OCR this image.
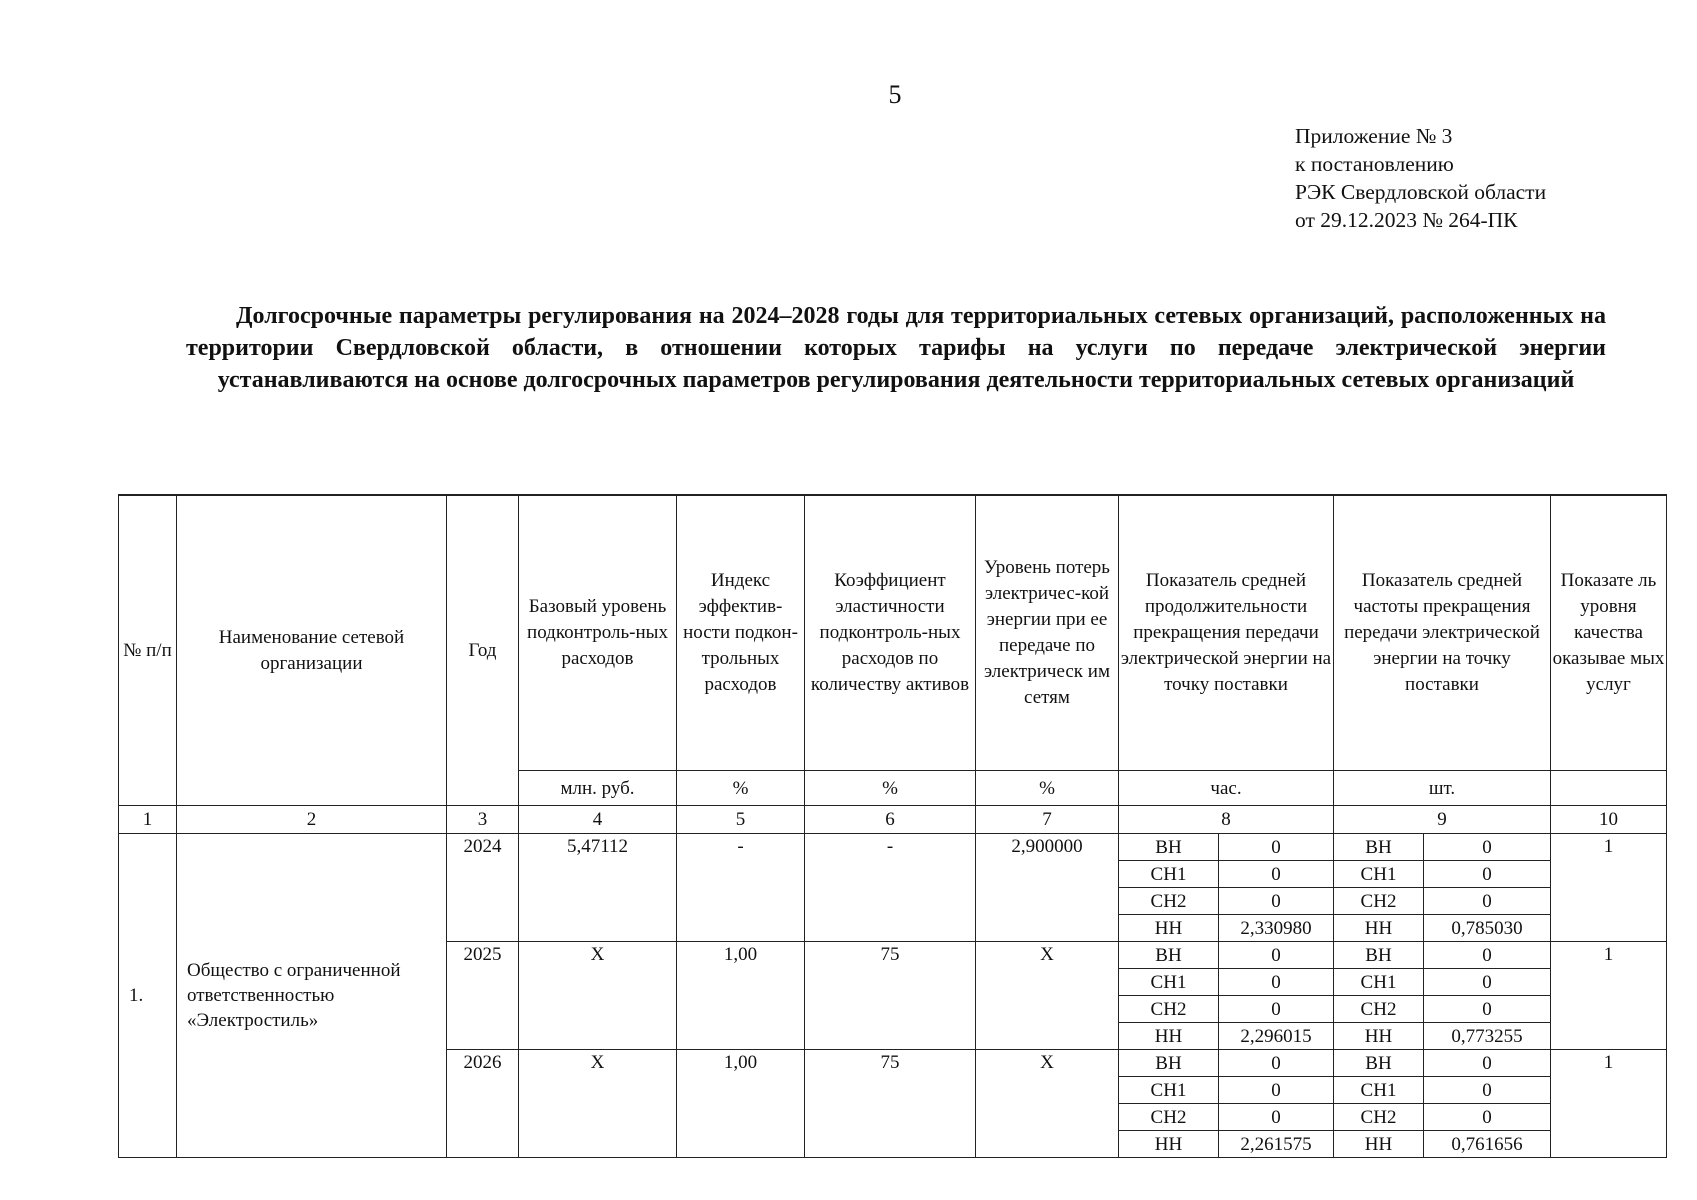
5
Приложение № 3
к постановлению
РЭК Свердловской области
от 29.12.2023 № 264-ПК
Долгосрочные параметры регулирования на 2024–2028 годы для территориальных сетевых организаций, расположенных на территории Свердловской области, в отношении которых тарифы на услуги по передаче электрической энергии устанавливаются на основе долгосрочных параметров регулирования деятельности территориальных сетевых организаций
№ п/п	Наименование сетевой организации	Год	Базовый уровень подконтроль-ных расходов	Индекс эффектив-ности подкон-трольных расходов	Коэффициент эластичности подконтроль-ных расходов по количеству активов	Уровень потерь электричес-кой энергии при ее передаче по электрическ им сетям	Показатель средней продолжительности прекращения передачи электрической энергии на точку поставки		Показатель средней частоты прекращения передачи электрической энергии на точку поставки		Показате ль уровня качества оказывае мых услуг
			млн. руб.	%	%	%	час.		шт.		
1	2	3	4	5	6	7	8		9		10
1.	Общество с ограниченной ответственностью «Электростиль»	2024	5,47112	-	-	2,900000	ВН	0	ВН	0	1
							СН1	0	СН1	0	
							СН2	0	СН2	0	
							НН	2,330980	НН	0,785030	
		2025	Х	1,00	75	Х	ВН	0	ВН	0	1
							СН1	0	СН1	0	
							СН2	0	СН2	0	
							НН	2,296015	НН	0,773255	
		2026	Х	1,00	75	Х	ВН	0	ВН	0	1
							СН1	0	СН1	0	
							СН2	0	СН2	0	
							НН	2,261575	НН	0,761656	
